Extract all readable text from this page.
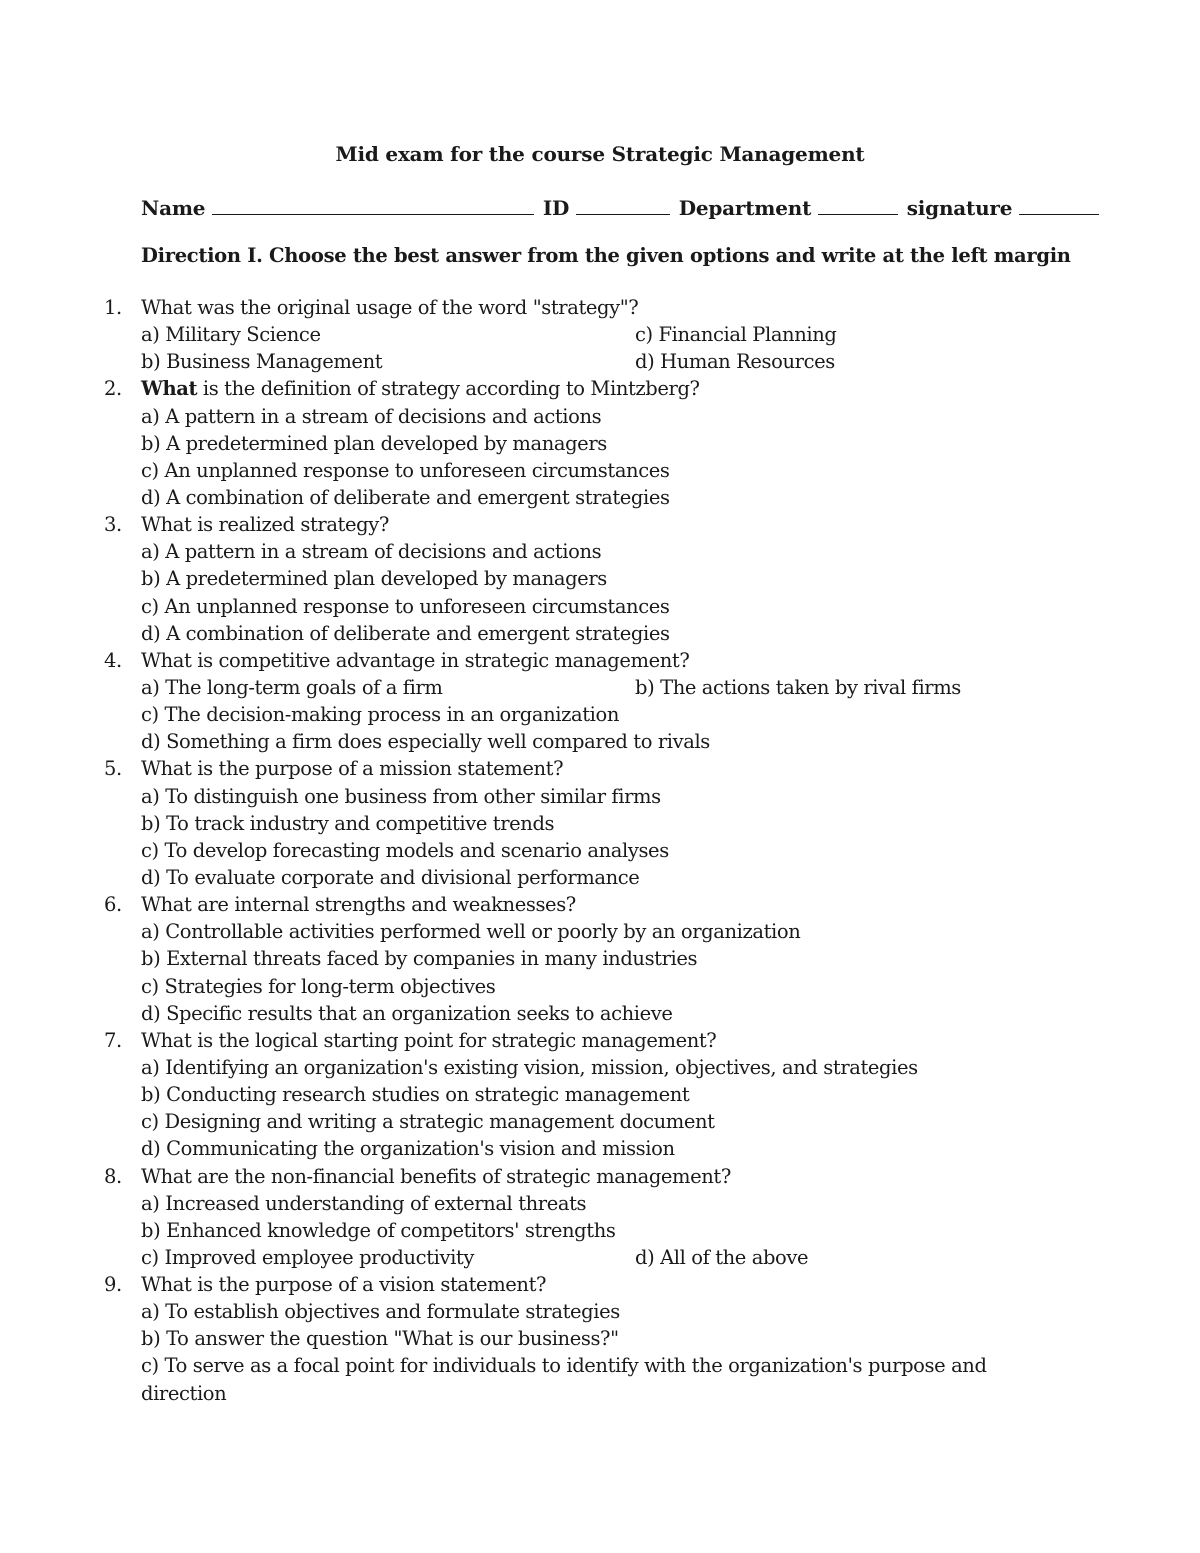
Mid exam for the course Strategic Management
Name	ID	Department	signature
Direction I. Choose the best answer from the given options and write at the left margin
1. What was the original usage of the word "strategy"?
a) Military Science	c) Financial Planning
b) Business Management	d) Human Resources
2. What is the definition of strategy according to Mintzberg?
a) A pattern in a stream of decisions and actions
b) A predetermined plan developed by managers
c) An unplanned response to unforeseen circumstances
d) A combination of deliberate and emergent strategies
3. What is realized strategy?
a) A pattern in a stream of decisions and actions
b) A predetermined plan developed by managers
c) An unplanned response to unforeseen circumstances
d) A combination of deliberate and emergent strategies
4. What is competitive advantage in strategic management?
a) The long-term goals of a firm	b) The actions taken by rival firms
c) The decision-making process in an organization
d) Something a firm does especially well compared to rivals
5. What is the purpose of a mission statement?
a) To distinguish one business from other similar firms
b) To track industry and competitive trends
c) To develop forecasting models and scenario analyses
d) To evaluate corporate and divisional performance
6. What are internal strengths and weaknesses?
a) Controllable activities performed well or poorly by an organization
b) External threats faced by companies in many industries
c) Strategies for long-term objectives
d) Specific results that an organization seeks to achieve
7. What is the logical starting point for strategic management?
a) Identifying an organization's existing vision, mission, objectives, and strategies
b) Conducting research studies on strategic management
c) Designing and writing a strategic management document
d) Communicating the organization's vision and mission
8. What are the non-financial benefits of strategic management?
a) Increased understanding of external threats
b) Enhanced knowledge of competitors' strengths
c) Improved employee productivity	d) All of the above
9. What is the purpose of a vision statement?
a) To establish objectives and formulate strategies
b) To answer the question "What is our business?"
c) To serve as a focal point for individuals to identify with the organization's purpose and
direction
